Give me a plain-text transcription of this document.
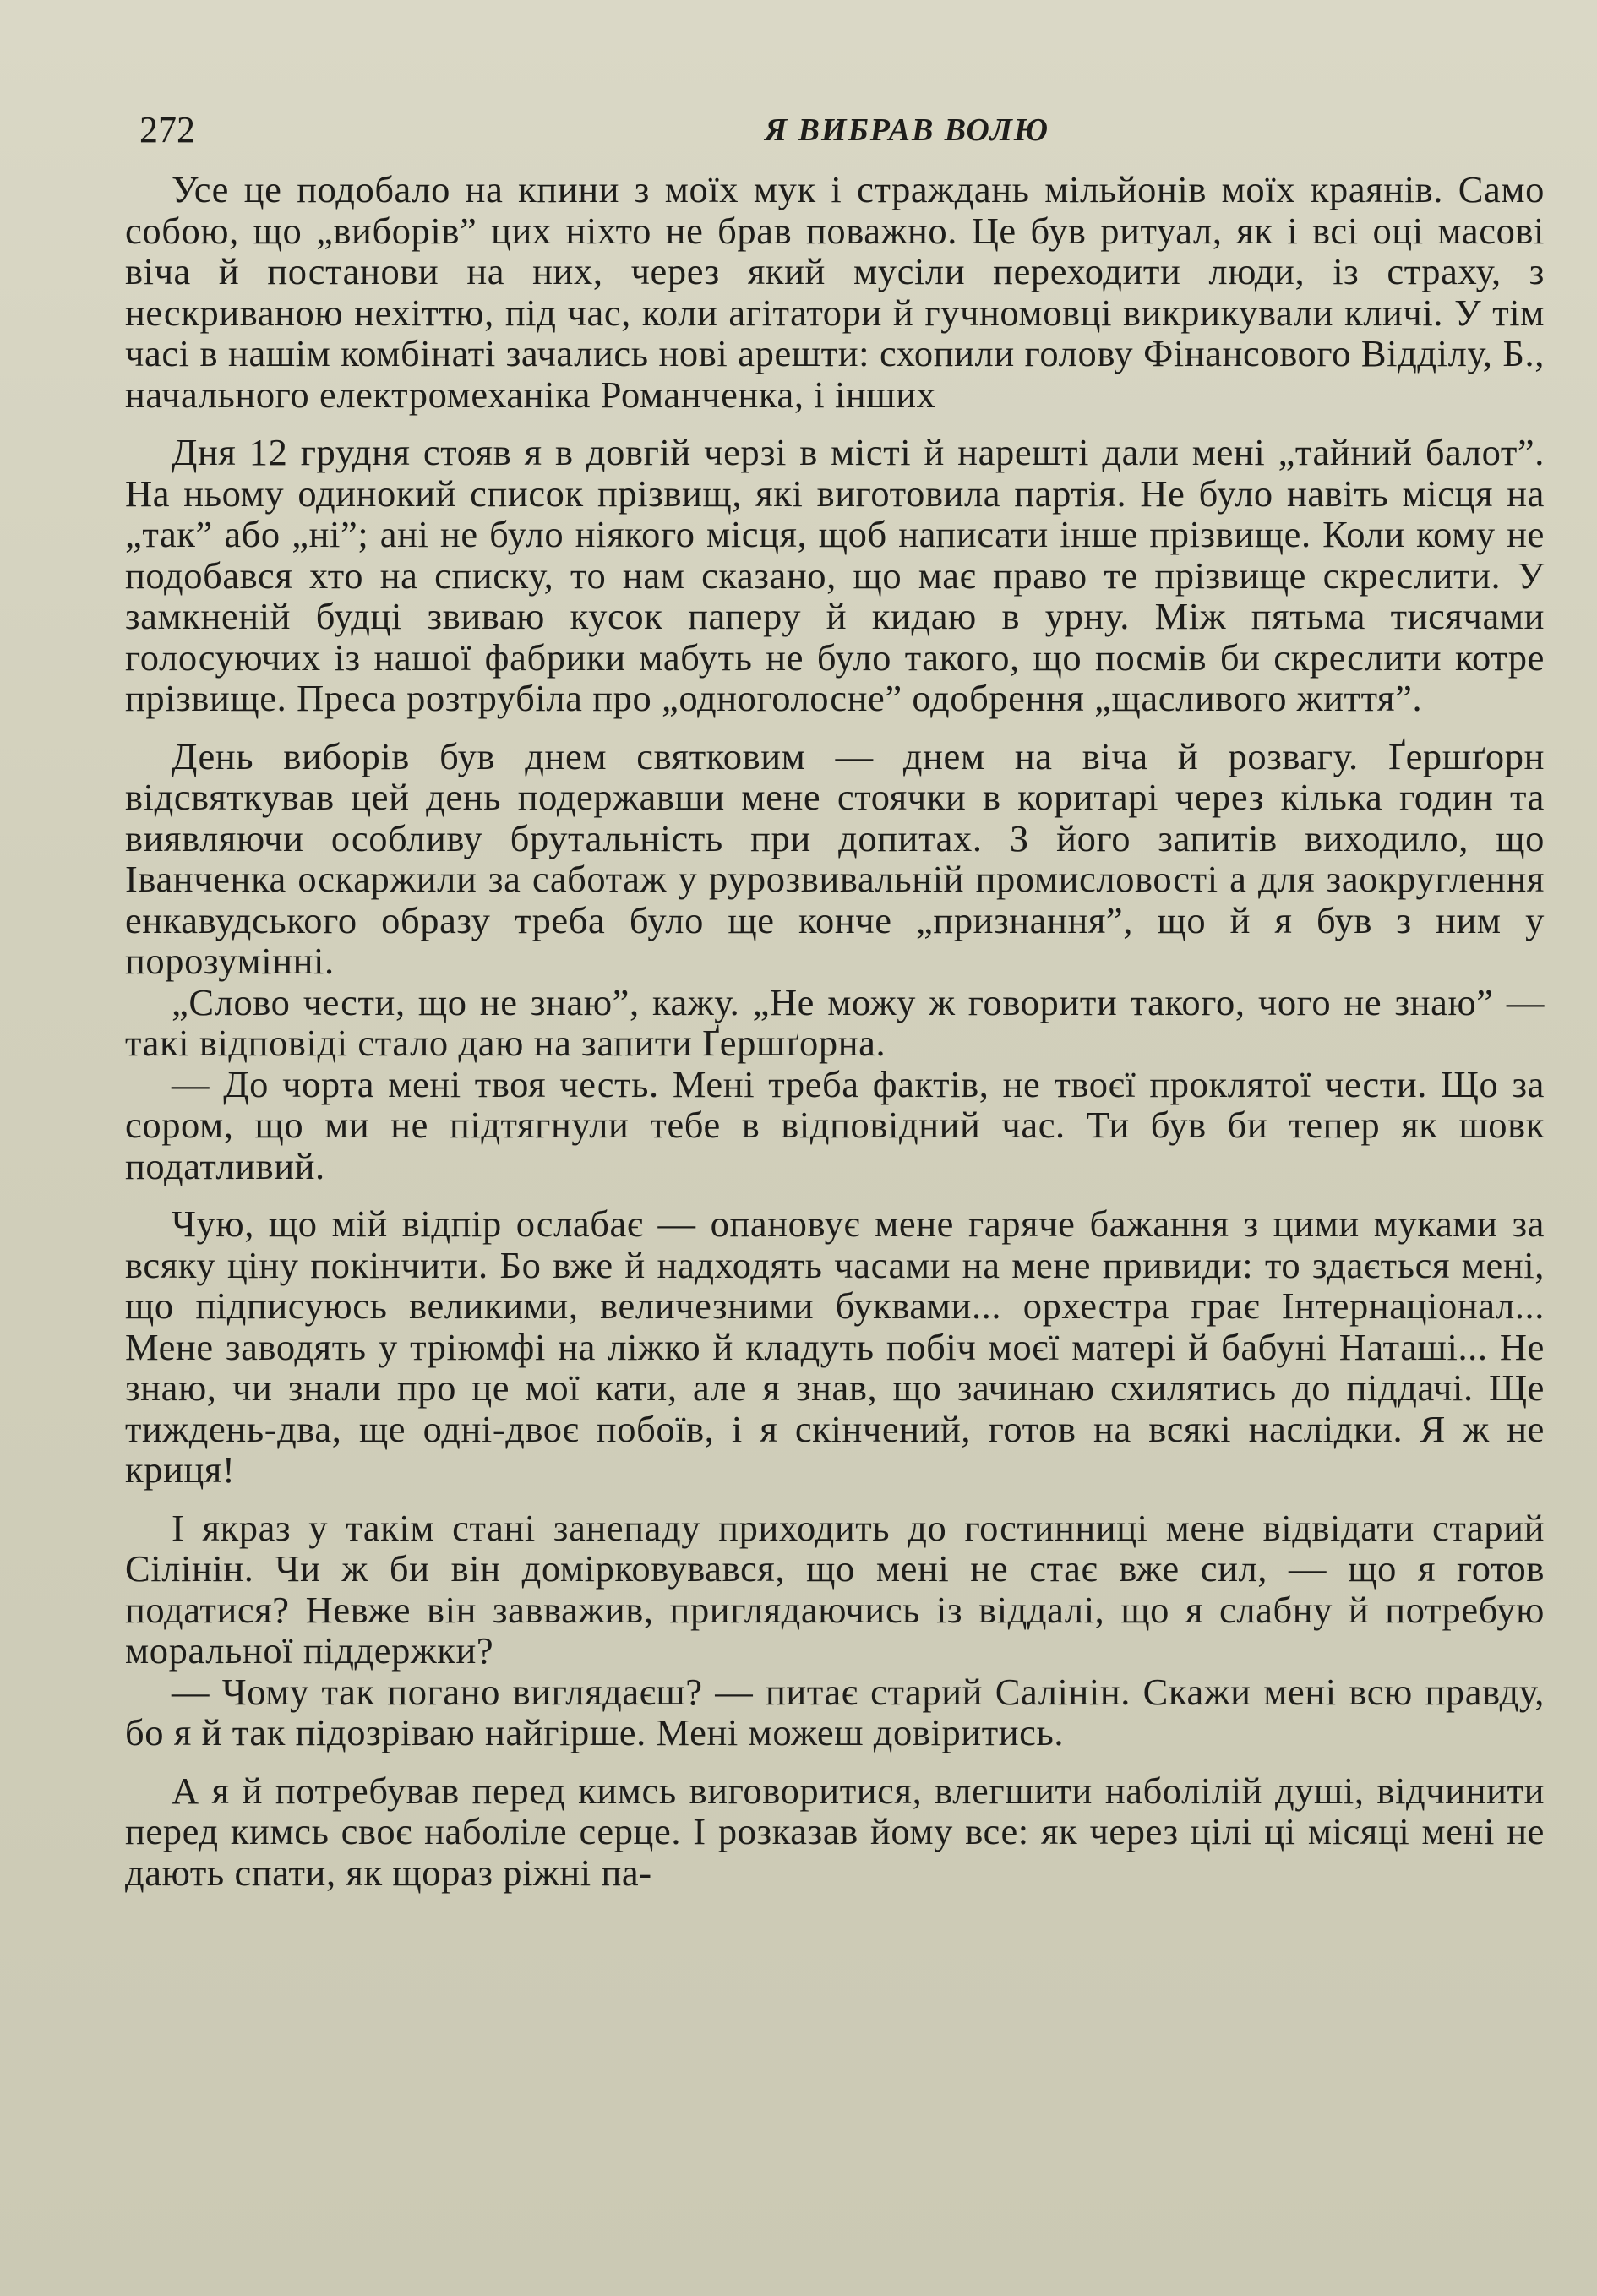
272	Я ВИБРАВ ВОЛЮ

Усе це подобало на кпини з моїх мук і страждань мільйонів моїх краянів. Само собою, що „виборів” цих ніхто не брав поважно. Це був ритуал, як і всі оці масові віча й постанови на них, через який мусіли переходити люди, із страху, з нескриваною нехіттю, під час, коли агітатори й гучномовці викрикували кличі. У тім часі в нашім комбінаті зачались нові арешти: схопили голову Фінансового Відділу, Б., начального електромеханіка Романченка, і інших

Дня 12 грудня стояв я в довгій черзі в місті й нарешті дали мені „тайний балот”. На ньому одинокий список прізвищ, які виготовила партія. Не було навіть місця на „так” або „ні”; ані не було ніякого місця, щоб написати інше прізвище. Коли кому не подобався хто на списку, то нам сказано, що має право те прізвище скреслити. У замкненій будці звиваю кусок паперу й кидаю в урну. Між пятьма тисячами голосуючих із нашої фабрики мабуть не було такого, що посмів би скреслити котре прізвище. Преса розтрубіла про „одноголосне” одобрення „щасливого життя”.

День виборів був днем святковим — днем на віча й розвагу. Ґершґорн відсвяткував цей день подержавши мене стоячки в коритарі через кілька годин та виявляючи особливу брутальність при допитах. З його запитів виходило, що Іванченка оскаржили за саботаж у рурозвивальній промисловості а для заокруглення енкавудського образу треба було ще конче „признання”, що й я був з ним у порозумінні.

„Слово чести, що не знаю”, кажу. „Не можу ж говорити такого, чого не знаю” — такі відповіді стало даю на запити Ґершґорна.

— До чорта мені твоя честь. Мені треба фактів, не твоєї проклятої чести. Що за сором, що ми не підтягнули тебе в відповідний час. Ти був би тепер як шовк податливий.

Чую, що мій відпір ослабає — опановує мене гаряче бажання з цими муками за всяку ціну покінчити. Бо вже й надходять часами на мене привиди: то здається мені, що підписуюсь великими, величезними буквами... орхестра грає Інтернаціонал... Мене заводять у тріюмфі на ліжко й кладуть побіч моєї матері й бабуні Наташі... Не знаю, чи знали про це мої кати, але я знав, що зачинаю схилятись до піддачі. Ще тиждень-два, ще одні-двоє побоїв, і я скінчений, готов на всякі наслідки. Я ж не криця!

І якраз у такім стані занепаду приходить до гостинниці мене відвідати старий Сілінін. Чи ж би він домірковувався, що мені не стає вже сил, — що я готов податися? Невже він завважив, приглядаючись із віддалі, що я слабну й потребую моральної піддержки?

— Чому так погано виглядаєш? — питає старий Салінін. Скажи мені всю правду, бо я й так підозріваю найгірше. Мені можеш довіритись.

А я й потребував перед кимсь виговоритися, влегшити наболілій душі, відчинити перед кимсь своє наболіле серце. І розказав йому все: як через цілі ці місяці мені не дають спати, як щораз ріжні па-
